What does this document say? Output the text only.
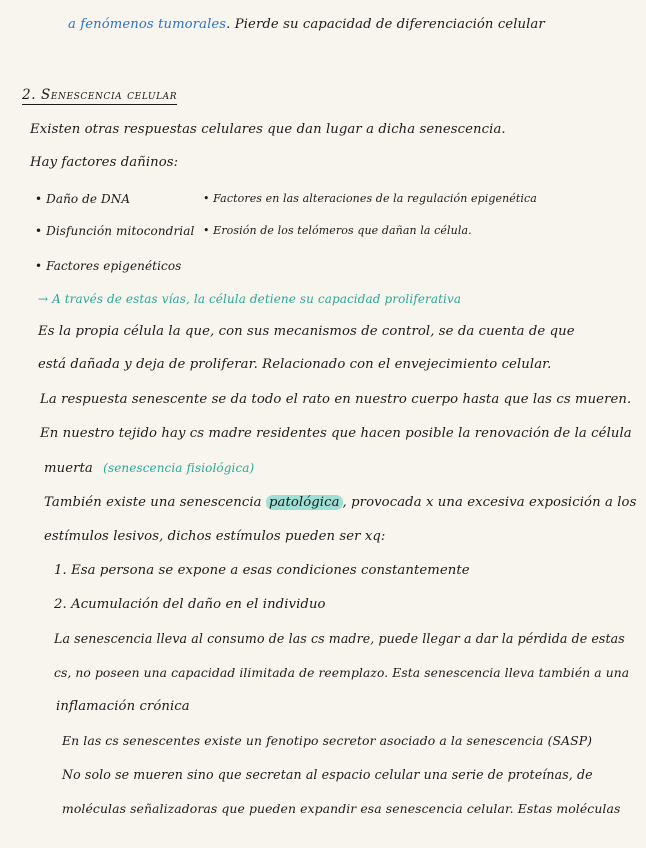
a fenómenos tumorales. Pierde su capacidad de diferenciación celular
2. Senescencia celular
Existen otras respuestas celulares que dan lugar a dicha senescencia.
Hay factores dañinos:
• Daño de DNA
• Disfunción mitocondrial
• Factores epigenéticos
• Factores en las alteraciones de la regulación epigenética
• Erosión de los telómeros que dañan la célula.
→ A través de estas vías, la célula detiene su capacidad proliferativa
Es la propia célula la que, con sus mecanismos de control, se da cuenta de que
está dañada y deja de proliferar. Relacionado con el envejecimiento celular.
La respuesta senescente se da todo el rato en nuestro cuerpo hasta que las cs mueren.
En nuestro tejido hay cs madre residentes que hacen posible la renovación de la célula
muerta (senescencia fisiológica)
También existe una senescencia patológica , provocada x una excesiva exposición a los
estímulos lesivos, dichos estímulos pueden ser xq:
1. Esa persona se expone a esas condiciones constantemente
2. Acumulación del daño en el individuo
La senescencia lleva al consumo de las cs madre, puede llegar a dar la pérdida de estas
cs, no poseen una capacidad ilimitada de reemplazo. Esta senescencia lleva también a una
inflamación crónica
En las cs senescentes existe un fenotipo secretor asociado a la senescencia (SASP)
No solo se mueren sino que secretan al espacio celular una serie de proteínas, de
moléculas señalizadoras que pueden expandir esa senescencia celular. Estas moléculas
